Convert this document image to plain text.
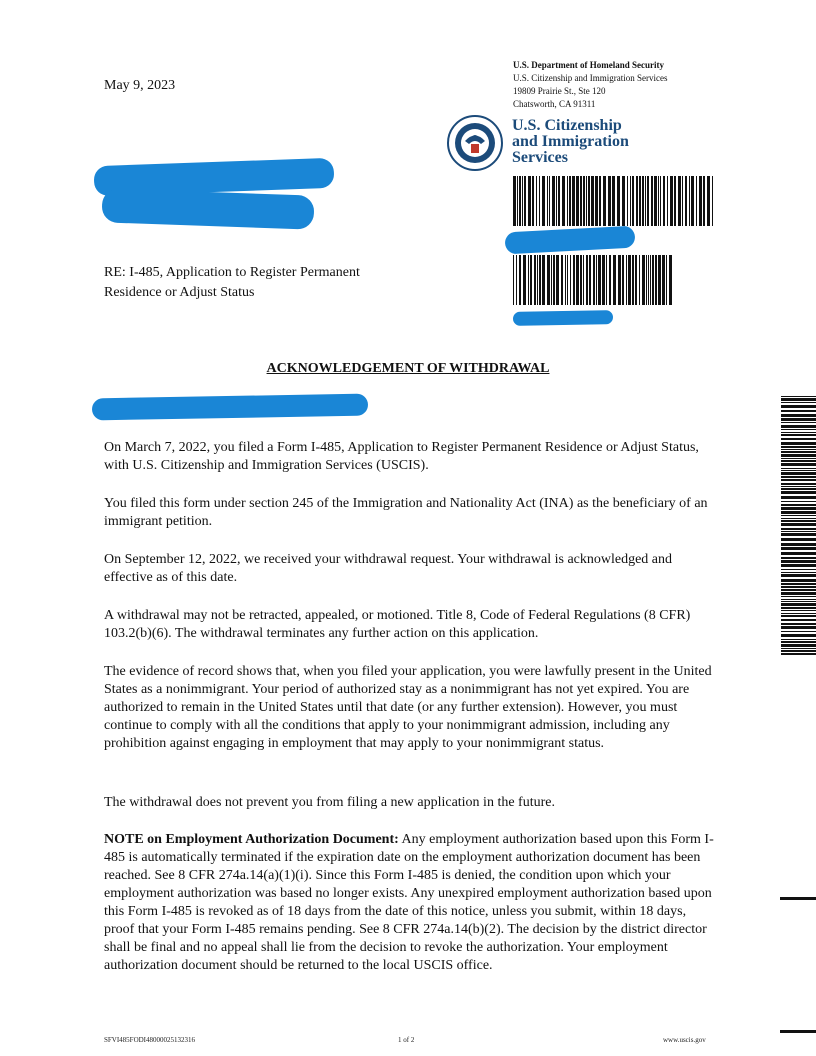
May 9, 2023
U.S. Department of Homeland Security
U.S. Citizenship and Immigration Services
19809 Prairie St., Ste 120
Chatsworth, CA 91311
U.S. Citizenship
and Immigration
Services
RE: I-485, Application to Register Permanent
Residence or Adjust Status
ACKNOWLEDGEMENT OF WITHDRAWAL

On March 7, 2022, you filed a Form I-485, Application to Register Permanent Residence or Adjust Status, with U.S. Citizenship and Immigration Services (USCIS).

You filed this form under section 245 of the Immigration and Nationality Act (INA) as the beneficiary of an immigrant petition.

On September 12, 2022, we received your withdrawal request. Your withdrawal is acknowledged and effective as of this date.

A withdrawal may not be retracted, appealed, or motioned. Title 8, Code of Federal Regulations (8 CFR) 103.2(b)(6). The withdrawal terminates any further action on this application.

The evidence of record shows that, when you filed your application, you were lawfully present in the United States as a nonimmigrant. Your period of authorized stay as a nonimmigrant has not yet expired. You are authorized to remain in the United States until that date (or any further extension). However, you must continue to comply with all the conditions that apply to your nonimmigrant admission, including any prohibition against engaging in employment that may apply to your nonimmigrant status.

The withdrawal does not prevent you from filing a new application in the future.

NOTE on Employment Authorization Document: Any employment authorization based upon this Form I-485 is automatically terminated if the expiration date on the employment authorization document has been reached. See 8 CFR 274a.14(a)(1)(i). Since this Form I-485 is denied, the condition upon which your employment authorization was based no longer exists. Any unexpired employment authorization based upon this Form I-485 is revoked as of 18 days from the date of this notice, unless you submit, within 18 days, proof that your Form I-485 remains pending. See 8 CFR 274a.14(b)(2). The decision by the district director shall be final and no appeal shall lie from the decision to revoke the authorization. Your employment authorization document should be returned to the local USCIS office.

SFVI485FODI48000025132316	1 of 2	www.uscis.gov
